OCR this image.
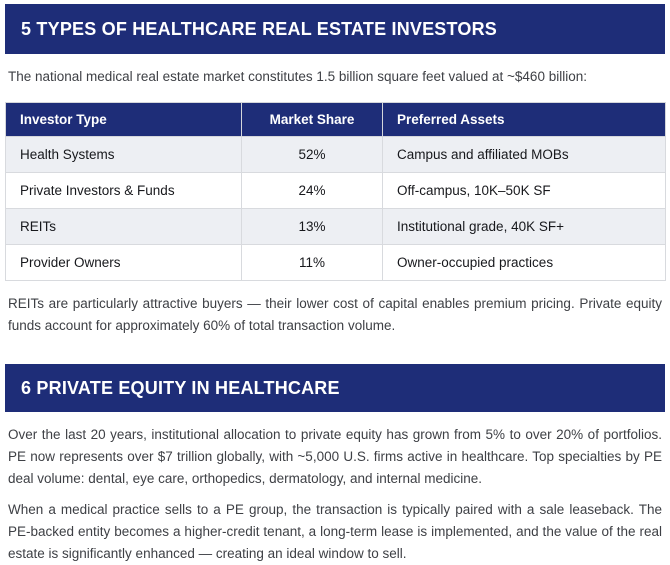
5 TYPES OF HEALTHCARE REAL ESTATE INVESTORS

The national medical real estate market constitutes 1.5 billion square feet valued at ~$460 billion:

Investor Type	Market Share	Preferred Assets
Health Systems	52%	Campus and affiliated MOBs
Private Investors & Funds	24%	Off-campus, 10K–50K SF
REITs	13%	Institutional grade, 40K SF+
Provider Owners	11%	Owner-occupied practices

REITs are particularly attractive buyers — their lower cost of capital enables premium pricing. Private equity funds account for approximately 60% of total transaction volume.

6 PRIVATE EQUITY IN HEALTHCARE

Over the last 20 years, institutional allocation to private equity has grown from 5% to over 20% of portfolios. PE now represents over $7 trillion globally, with ~5,000 U.S. firms active in healthcare. Top specialties by PE deal volume: dental, eye care, orthopedics, dermatology, and internal medicine.

When a medical practice sells to a PE group, the transaction is typically paired with a sale leaseback. The PE-backed entity becomes a higher-credit tenant, a long-term lease is implemented, and the value of the real estate is significantly enhanced — creating an ideal window to sell.
